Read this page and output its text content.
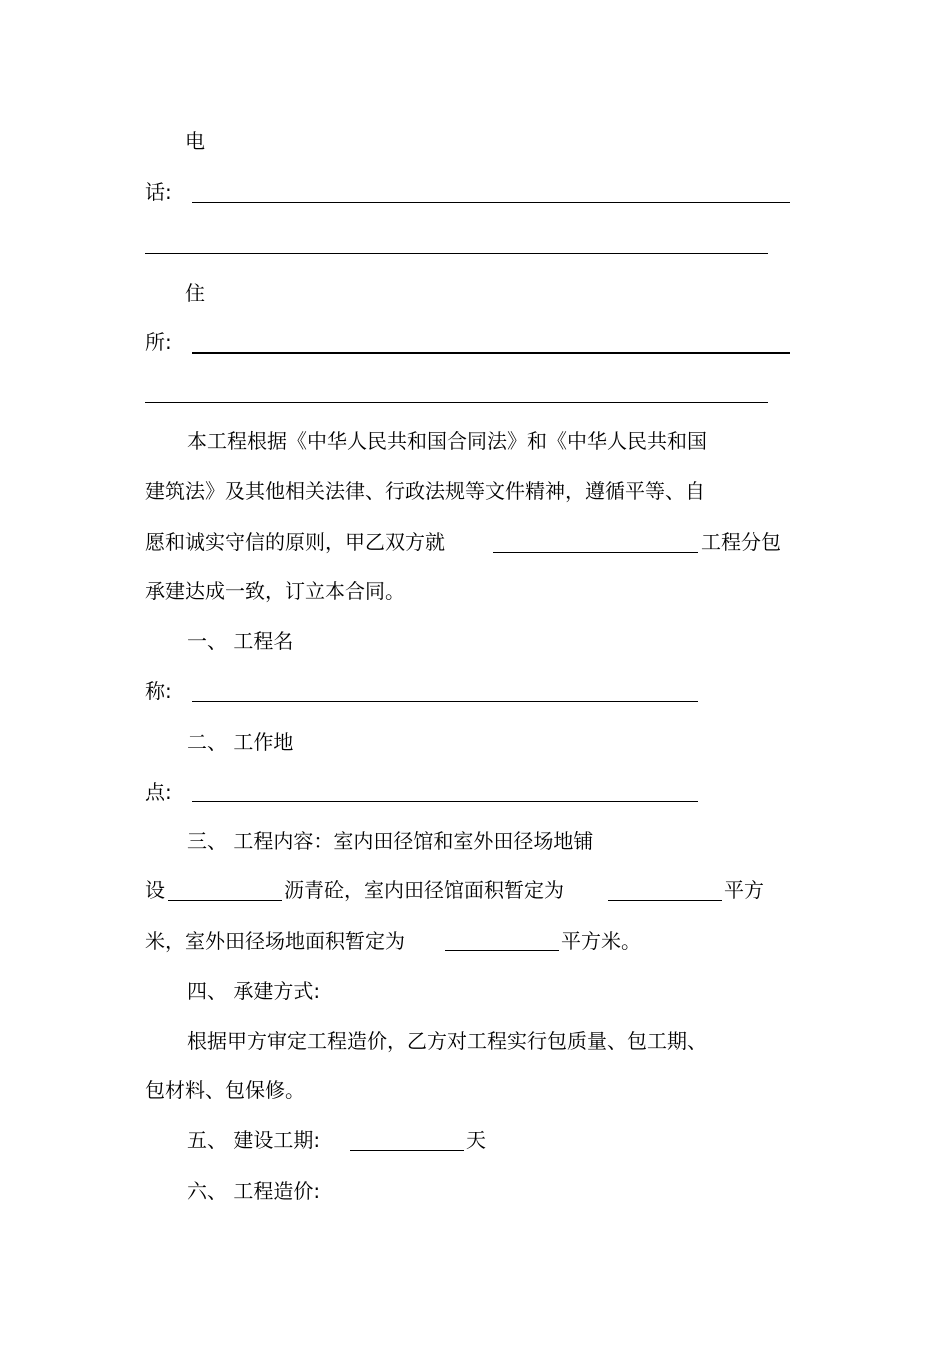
电
话:
住
所:
本工程根据《中华人民共和国合同法》和《中华人民共和国
建筑法》及其他相关法律、行政法规等文件精神，遵循平等、自
愿和诚实守信的原则，甲乙双方就	工程分包
承建达成一致，订立本合同。
一、 工程名
称:
二、 工作地
点:
三、 工程内容：室内田径馆和室外田径场地铺
设	沥青砼，室内田径馆面积暂定为	平方
米，室外田径场地面积暂定为	平方米。
四、 承建方式:
根据甲方审定工程造价，乙方对工程实行包质量、包工期、
包材料、包保修。
五、 建设工期:	天
六、 工程造价:
